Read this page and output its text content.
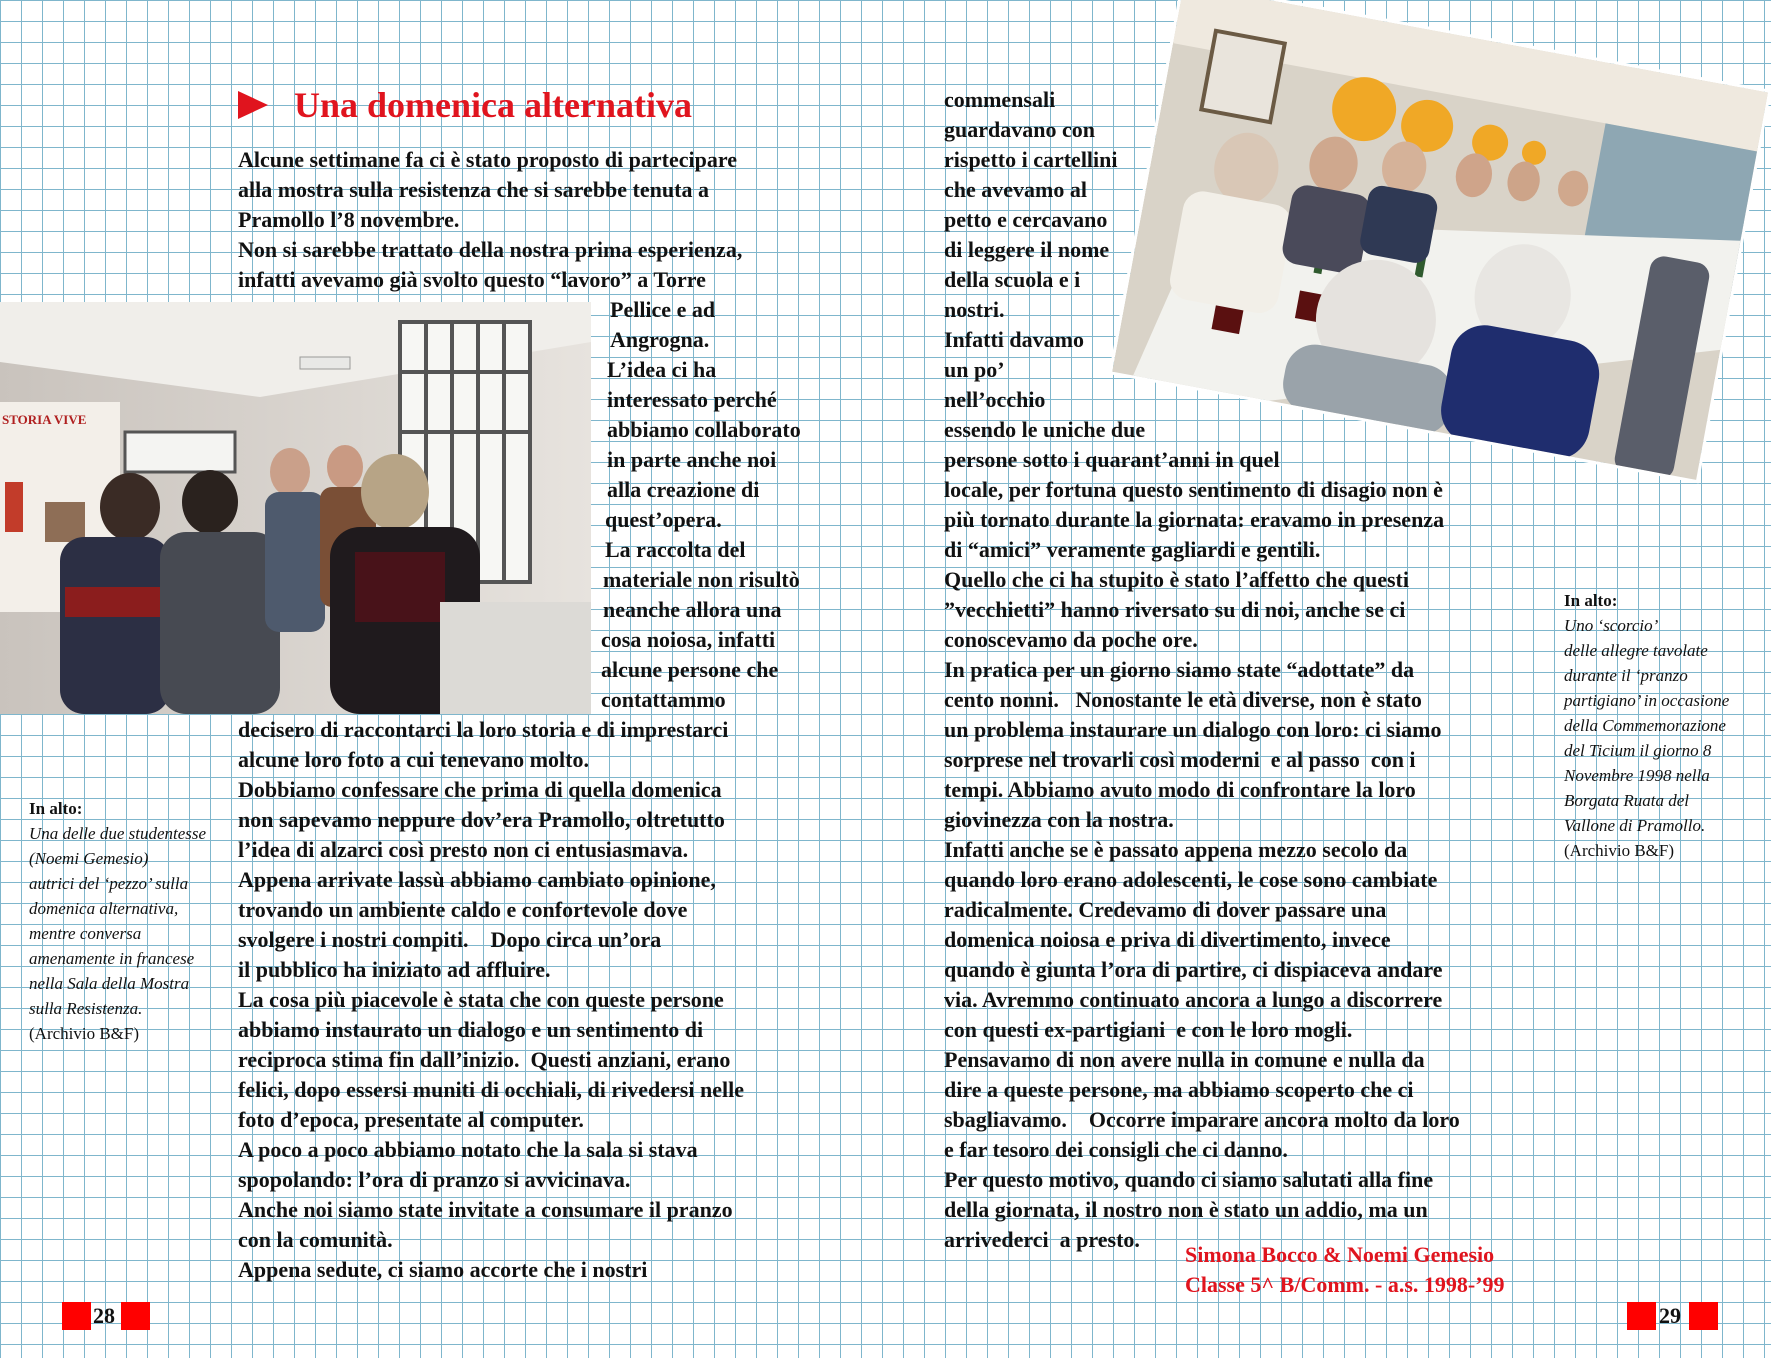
Una domenica alternativa
STORIA VIVE
Alcune settimane fa ci è stato proposto di partecipare
alla mostra sulla resistenza che si sarebbe tenuta a
Pramollo l’8 novembre.
Non si sarebbe trattato della nostra prima esperienza,
infatti avevamo già svolto questo “lavoro” a Torre
Pellice e ad
Angrogna.
L’idea ci ha
interessato perché
abbiamo collaborato
in parte anche noi
alla creazione di
quest’opera.
La raccolta del
materiale non risultò
neanche allora una
cosa noiosa, infatti
alcune persone che
contattammo
decisero di raccontarci la loro storia e di imprestarci
alcune loro foto a cui tenevano molto.
Dobbiamo confessare che prima di quella domenica
non sapevamo neppure dov’era Pramollo, oltretutto
l’idea di alzarci così presto non ci entusiasmava.
Appena arrivate lassù abbiamo cambiato opinione,
trovando un ambiente caldo e confortevole dove
svolgere i nostri compiti.    Dopo circa un’ora
il pubblico ha iniziato ad affluire.
La cosa più piacevole è stata che con queste persone
abbiamo instaurato un dialogo e un sentimento di
reciproca stima fin dall’inizio.  Questi anziani, erano
felici, dopo essersi muniti di occhiali, di rivedersi nelle
foto d’epoca, presentate al computer.
A poco a poco abbiamo notato che la sala si stava
spopolando: l’ora di pranzo si avvicinava.
Anche noi siamo state invitate a consumare il pranzo
con la comunità.
Appena sedute, ci siamo accorte che i nostri
commensali
guardavano con
rispetto i cartellini
che avevamo al
petto e cercavano
di leggere il nome
della scuola e i
nostri.
Infatti davamo
un po’
nell’occhio
essendo le uniche due
persone sotto i quarant’anni in quel
locale, per fortuna questo sentimento di disagio non è
più tornato durante la giornata: eravamo in presenza
di “amici” veramente gagliardi e gentili.
Quello che ci ha stupito è stato l’affetto che questi
”vecchietti” hanno riversato su di noi, anche se ci
conoscevamo da poche ore.
In pratica per un giorno siamo state “adottate” da
cento nonni.   Nonostante le età diverse, non è stato
un problema instaurare un dialogo con loro: ci siamo
sorprese nel trovarli così moderni  e al passo  con i
tempi. Abbiamo avuto modo di confrontare la loro
giovinezza con la nostra.
Infatti anche se è passato appena mezzo secolo da
quando loro erano adolescenti, le cose sono cambiate
radicalmente. Credevamo di dover passare una
domenica noiosa e priva di divertimento, invece
quando è giunta l’ora di partire, ci dispiaceva andare
via. Avremmo continuato ancora a lungo a discorrere
con questi ex-partigiani  e con le loro mogli.
Pensavamo di non avere nulla in comune e nulla da
dire a queste persone, ma abbiamo scoperto che ci
sbagliavamo.    Occorre imparare ancora molto da loro
e far tesoro dei consigli che ci danno.
Per questo motivo, quando ci siamo salutati alla fine
della giornata, il nostro non è stato un addio, ma un
arrivederci  a presto.
In alto:
Una delle due studentesse
(Noemi Gemesio)
autrici del ‘pezzo’ sulla
domenica alternativa,
mentre conversa
amenamente in francese
nella Sala della Mostra
sulla Resistenza.
(Archivio B&F)
In alto:
Uno ‘scorcio’
delle allegre tavolate
durante il ‘pranzo
partigiano’ in occasione
della Commemorazione
del Ticium il giorno 8
Novembre 1998 nella
Borgata Ruata del
Vallone di Pramollo.
(Archivio B&F)
Simona Bocco & Noemi Gemesio
Classe 5^ B/Comm. - a.s. 1998-’99
28	29
